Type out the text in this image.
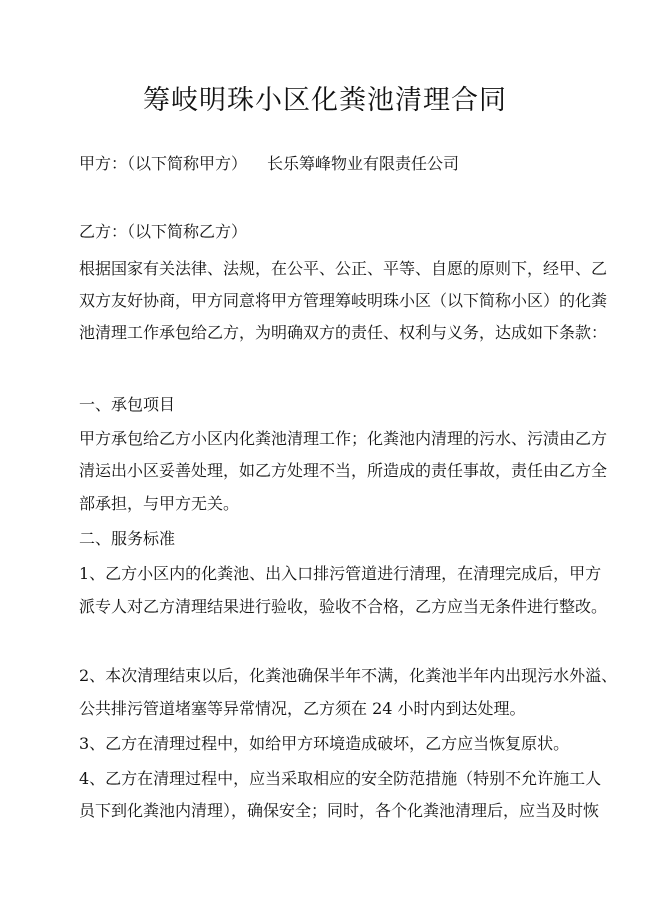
筹岐明珠小区化粪池清理合同
甲方：（以下简称甲方） 长乐筹峰物业有限责任公司
乙方：（以下简称乙方）
根据国家有关法律、法规，在公平、公正、平等、自愿的原则下，经甲、乙
双方友好协商，甲方同意将甲方管理筹岐明珠小区（以下简称小区）的化粪
池清理工作承包给乙方，为明确双方的责任、权利与义务，达成如下条款：
一、承包项目
甲方承包给乙方小区内化粪池清理工作；化粪池内清理的污水、污渍由乙方
清运出小区妥善处理，如乙方处理不当，所造成的责任事故，责任由乙方全
部承担，与甲方无关。
二、服务标准
1、乙方小区内的化粪池、出入口排污管道进行清理，在清理完成后，甲方
派专人对乙方清理结果进行验收，验收不合格，乙方应当无条件进行整改。
2、本次清理结束以后，化粪池确保半年不满，化粪池半年内出现污水外溢、
公共排污管道堵塞等异常情况，乙方须在 24 小时内到达处理。
3、乙方在清理过程中，如给甲方环境造成破坏，乙方应当恢复原状。
4、乙方在清理过程中，应当采取相应的安全防范措施（特别不允许施工人
员下到化粪池内清理），确保安全；同时，各个化粪池清理后，应当及时恢
